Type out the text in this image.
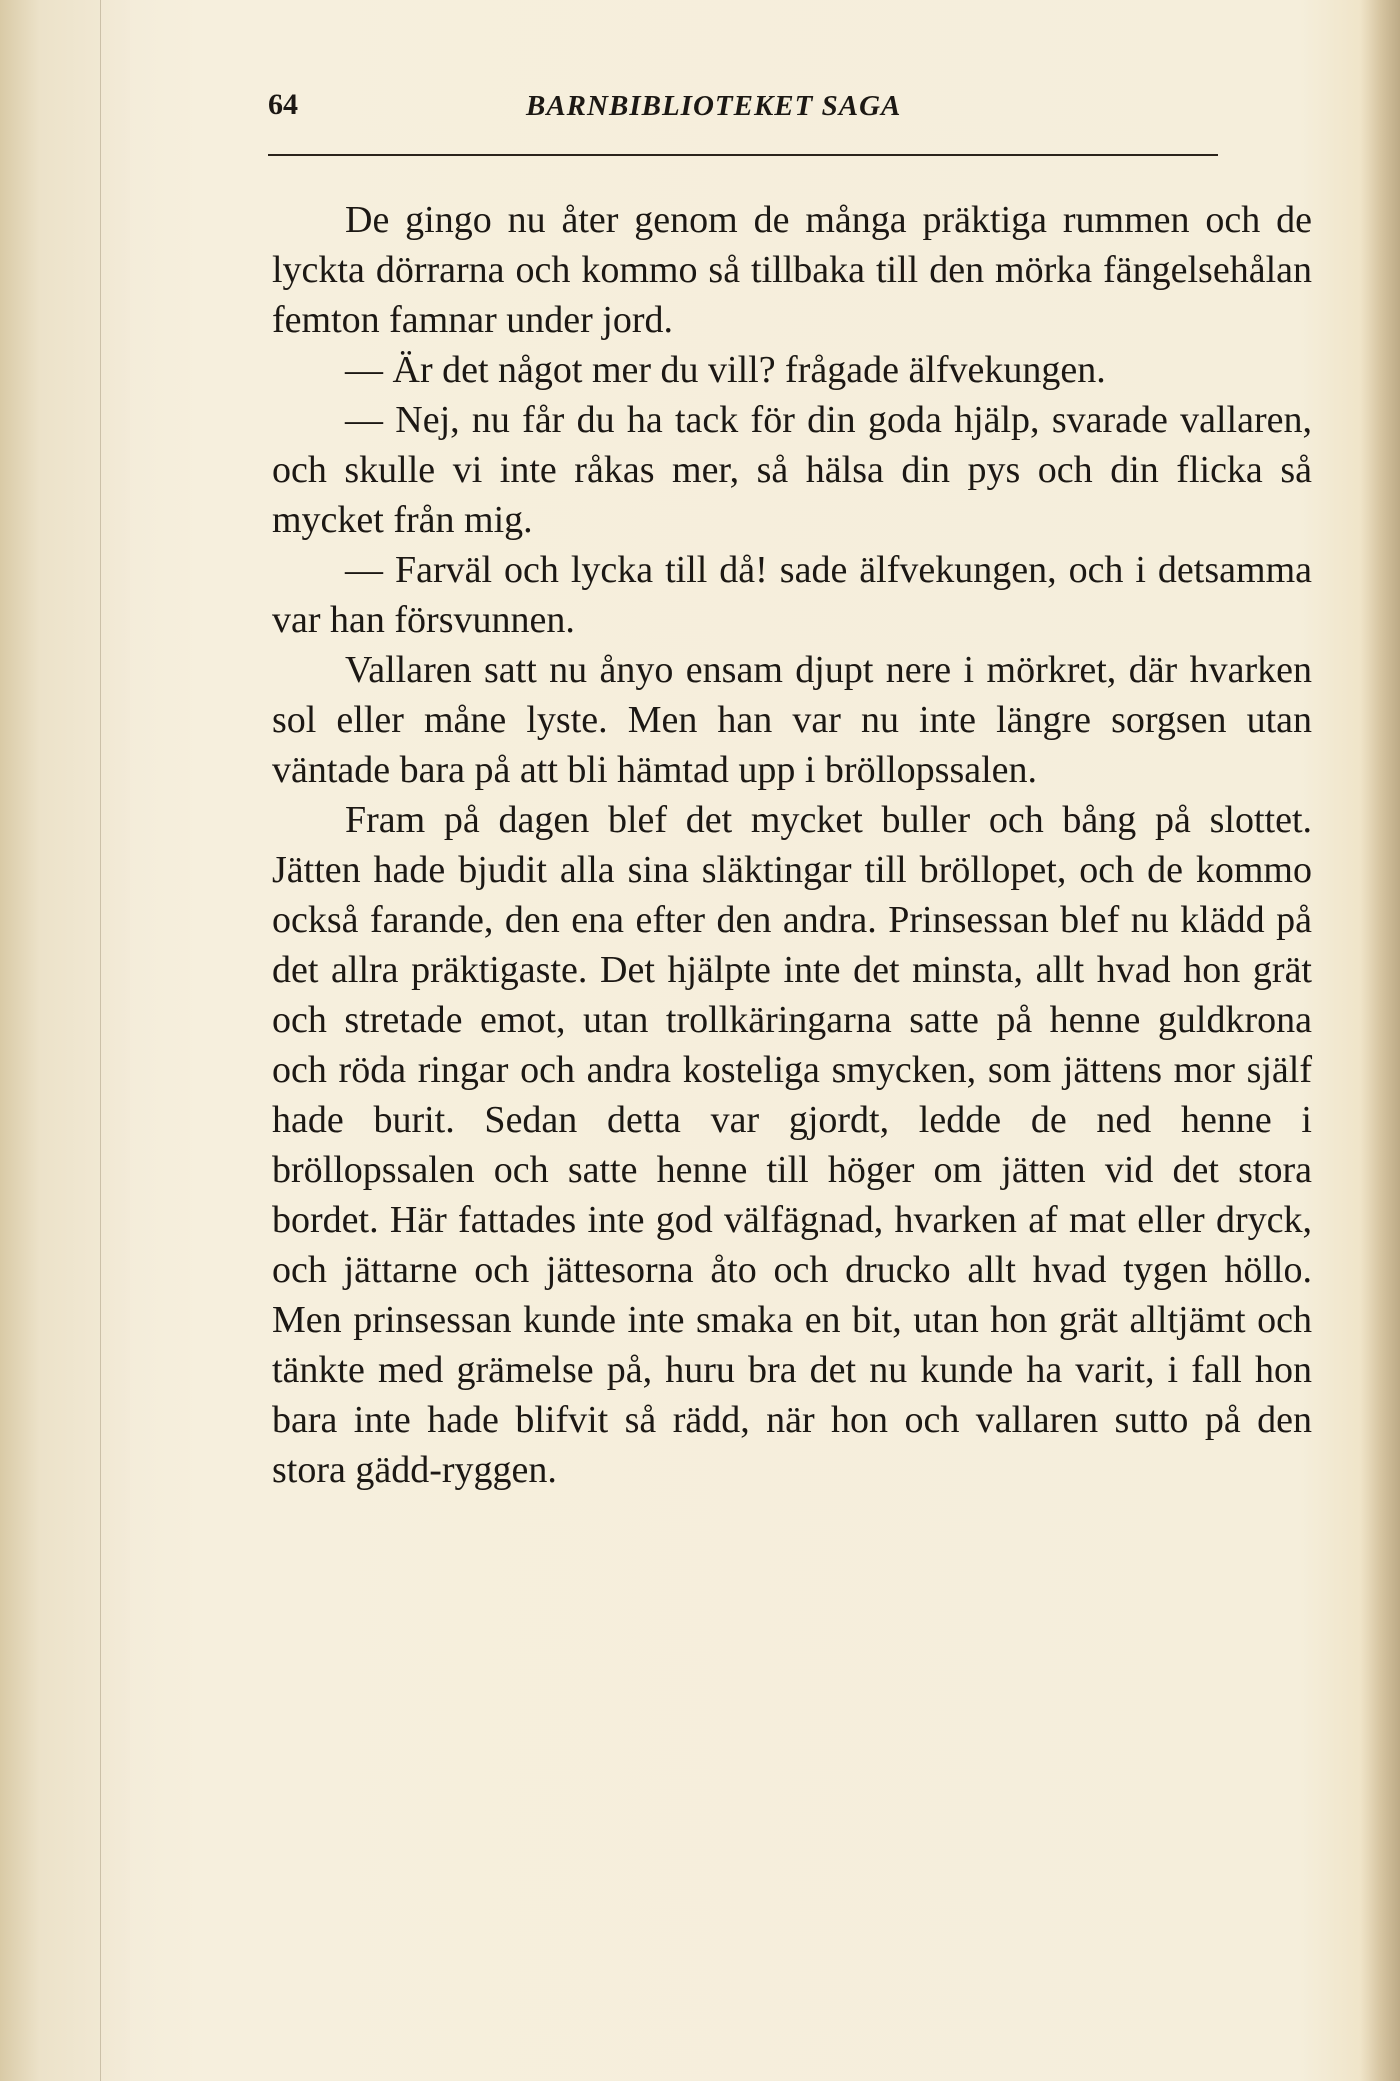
64	BARNBIBLIOTEKET SAGA

De gingo nu åter genom de många präktiga rummen och de lyckta dörrarna och kommo så tillbaka till den mörka fängelsehålan femton famnar under jord.

— Är det något mer du vill? frågade älfvekungen.

— Nej, nu får du ha tack för din goda hjälp, svarade vallaren, och skulle vi inte råkas mer, så hälsa din pys och din flicka så mycket från mig.

— Farväl och lycka till då! sade älfvekungen, och i detsamma var han försvunnen.

Vallaren satt nu ånyo ensam djupt nere i mörkret, där hvarken sol eller måne lyste. Men han var nu inte längre sorgsen utan väntade bara på att bli hämtad upp i bröllopssalen.

Fram på dagen blef det mycket buller och bång på slottet. Jätten hade bjudit alla sina släktingar till bröllopet, och de kommo också farande, den ena efter den andra. Prinsessan blef nu klädd på det allra präktigaste. Det hjälpte inte det minsta, allt hvad hon grät och stretade emot, utan trollkäringarna satte på henne guldkrona och röda ringar och andra kosteliga smycken, som jättens mor själf hade burit. Sedan detta var gjordt, ledde de ned henne i bröllopssalen och satte henne till höger om jätten vid det stora bordet. Här fattades inte god välfägnad, hvarken af mat eller dryck, och jättarne och jättesorna åto och drucko allt hvad tygen höllo. Men prinsessan kunde inte smaka en bit, utan hon grät alltjämt och tänkte med grämelse på, huru bra det nu kunde ha varit, i fall hon bara inte hade blifvit så rädd, när hon och vallaren sutto på den stora gädd-ryggen.
